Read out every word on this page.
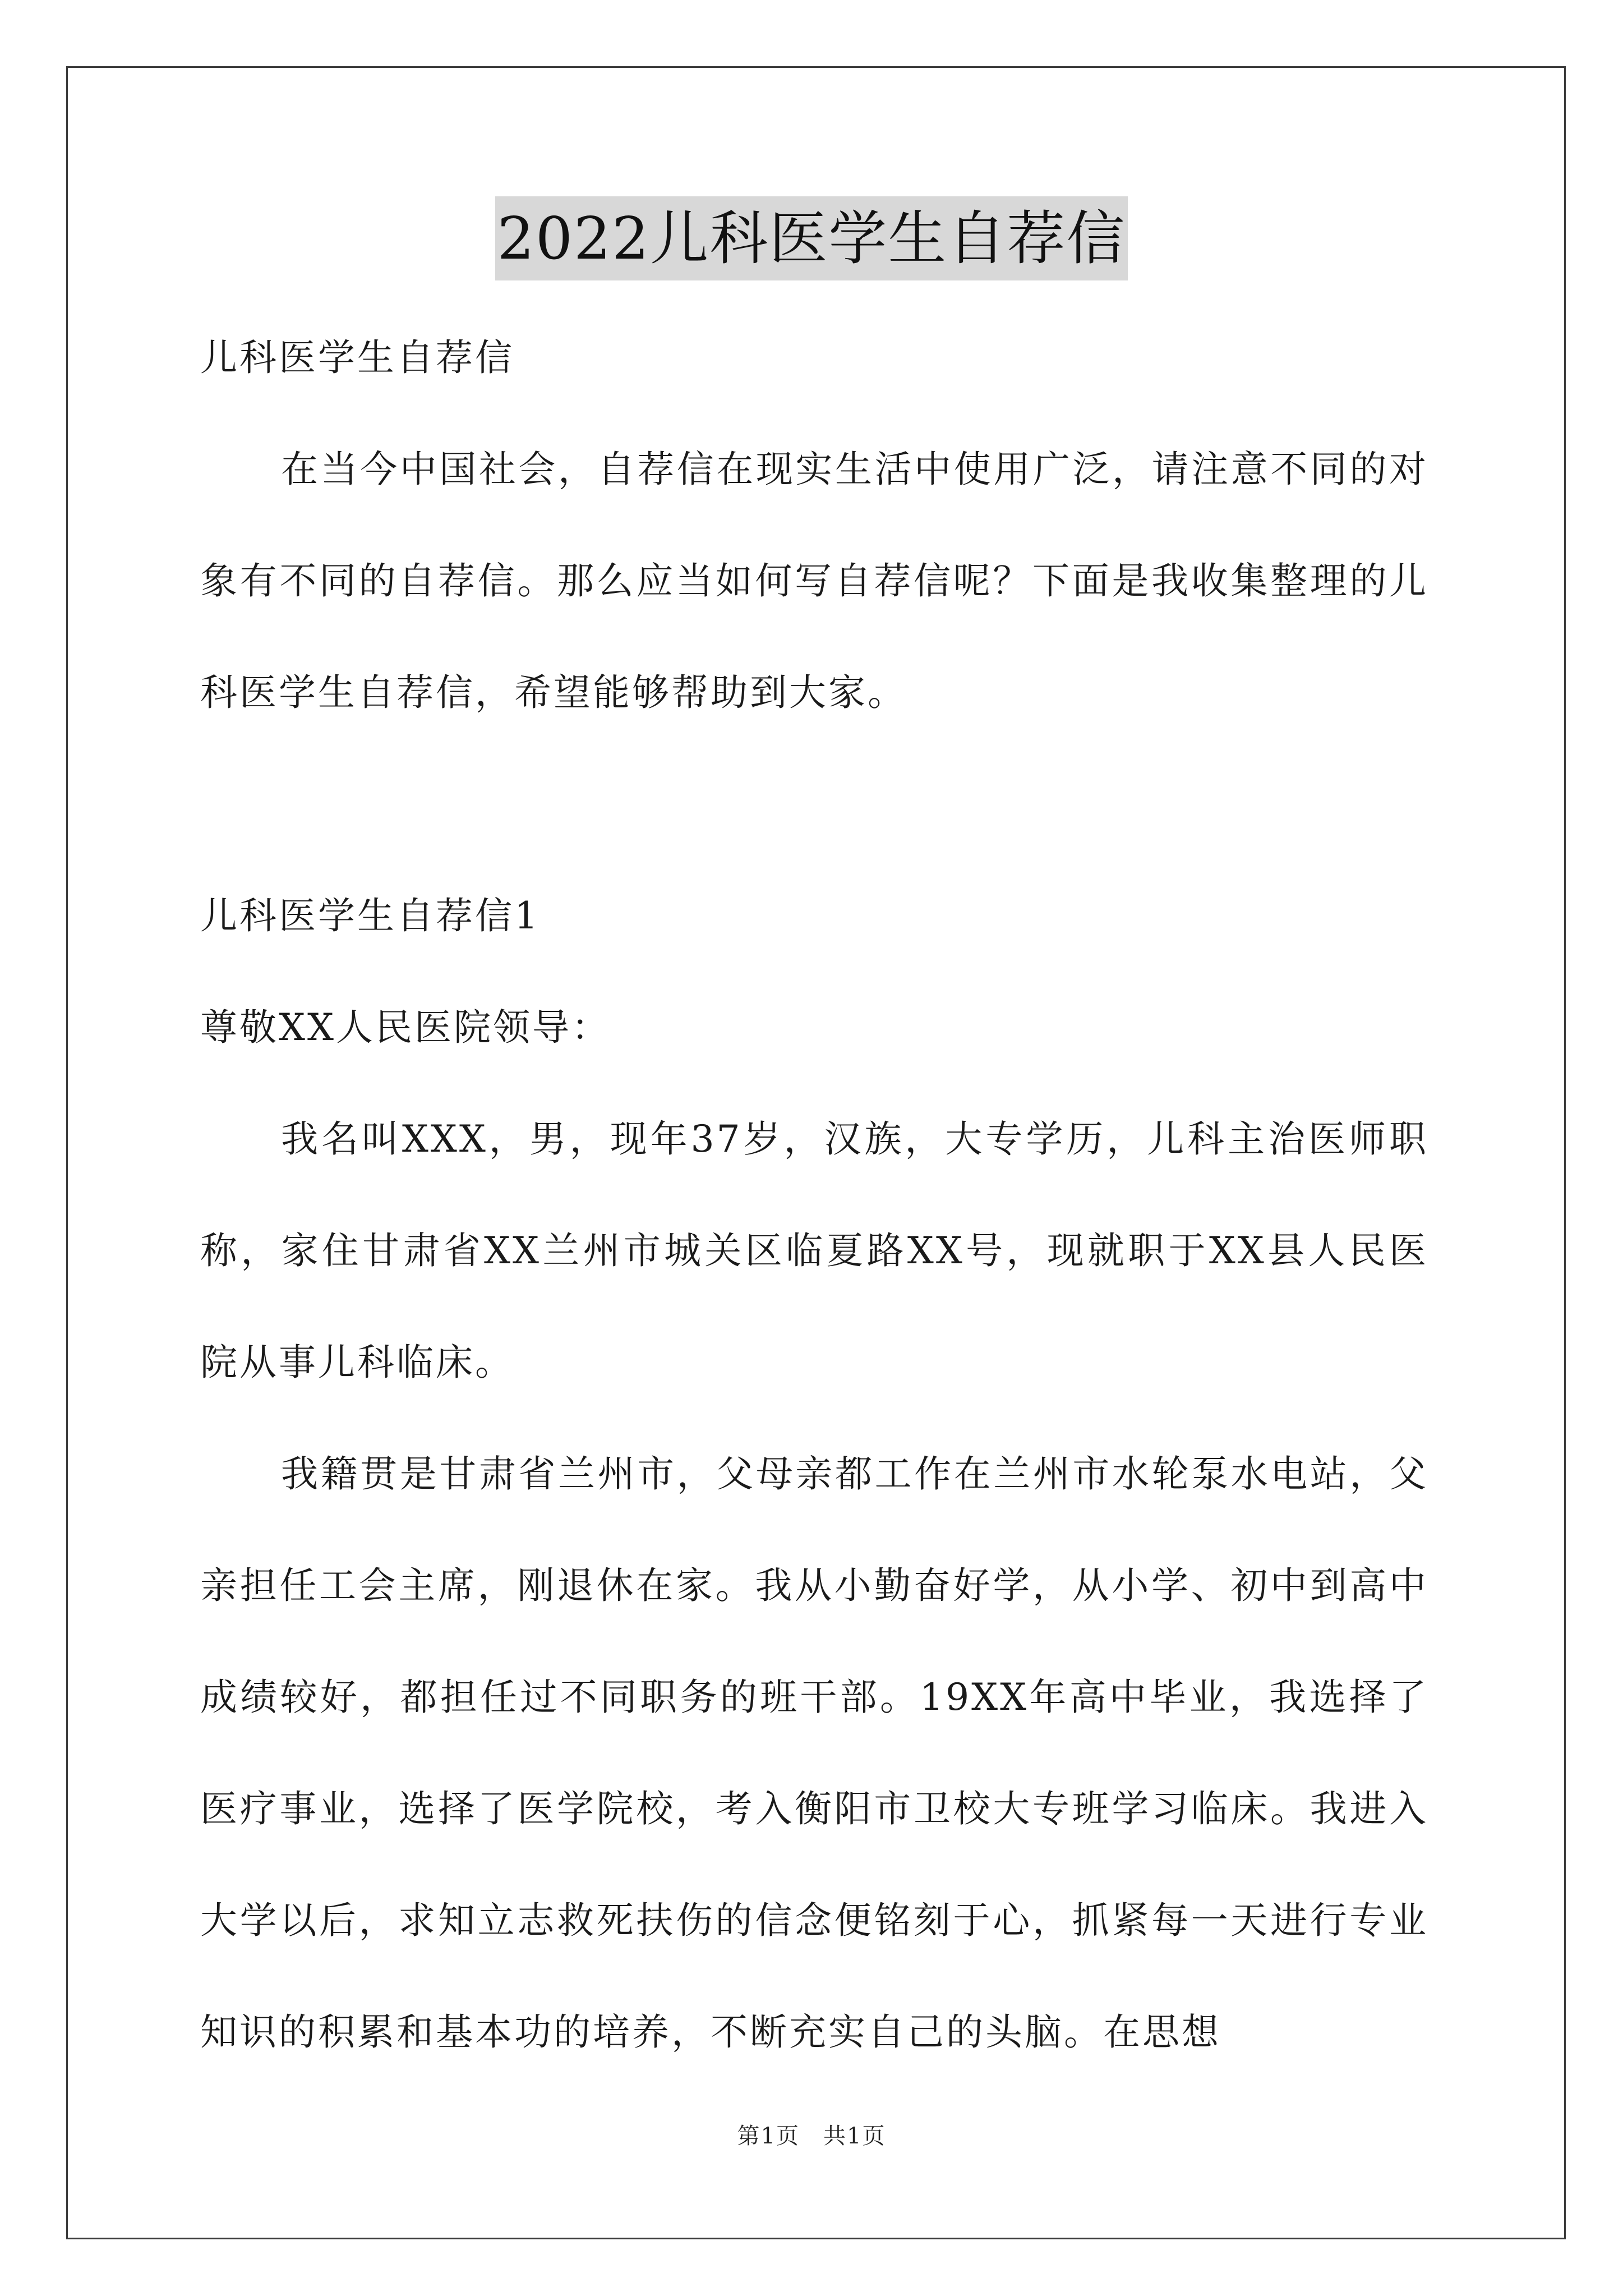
2022儿科医学生自荐信

儿科医学生自荐信

在当今中国社会，自荐信在现实生活中使用广泛，请注意不同的对象有不同的自荐信。那么应当如何写自荐信呢？下面是我收集整理的儿科医学生自荐信，希望能够帮助到大家。

儿科医学生自荐信1

尊敬XX人民医院领导：

我名叫XXX，男，现年37岁，汉族，大专学历，儿科主治医师职称，家住甘肃省XX兰州市城关区临夏路XX号，现就职于XX县人民医院从事儿科临床。

我籍贯是甘肃省兰州市，父母亲都工作在兰州市水轮泵水电站，父亲担任工会主席，刚退休在家。我从小勤奋好学，从小学、初中到高中成绩较好，都担任过不同职务的班干部。19XX年高中毕业，我选择了医疗事业，选择了医学院校，考入衡阳市卫校大专班学习临床。我进入大学以后，求知立志救死扶伤的信念便铭刻于心，抓紧每一天进行专业知识的积累和基本功的培养，不断充实自己的头脑。在思想

第1页　共1页
